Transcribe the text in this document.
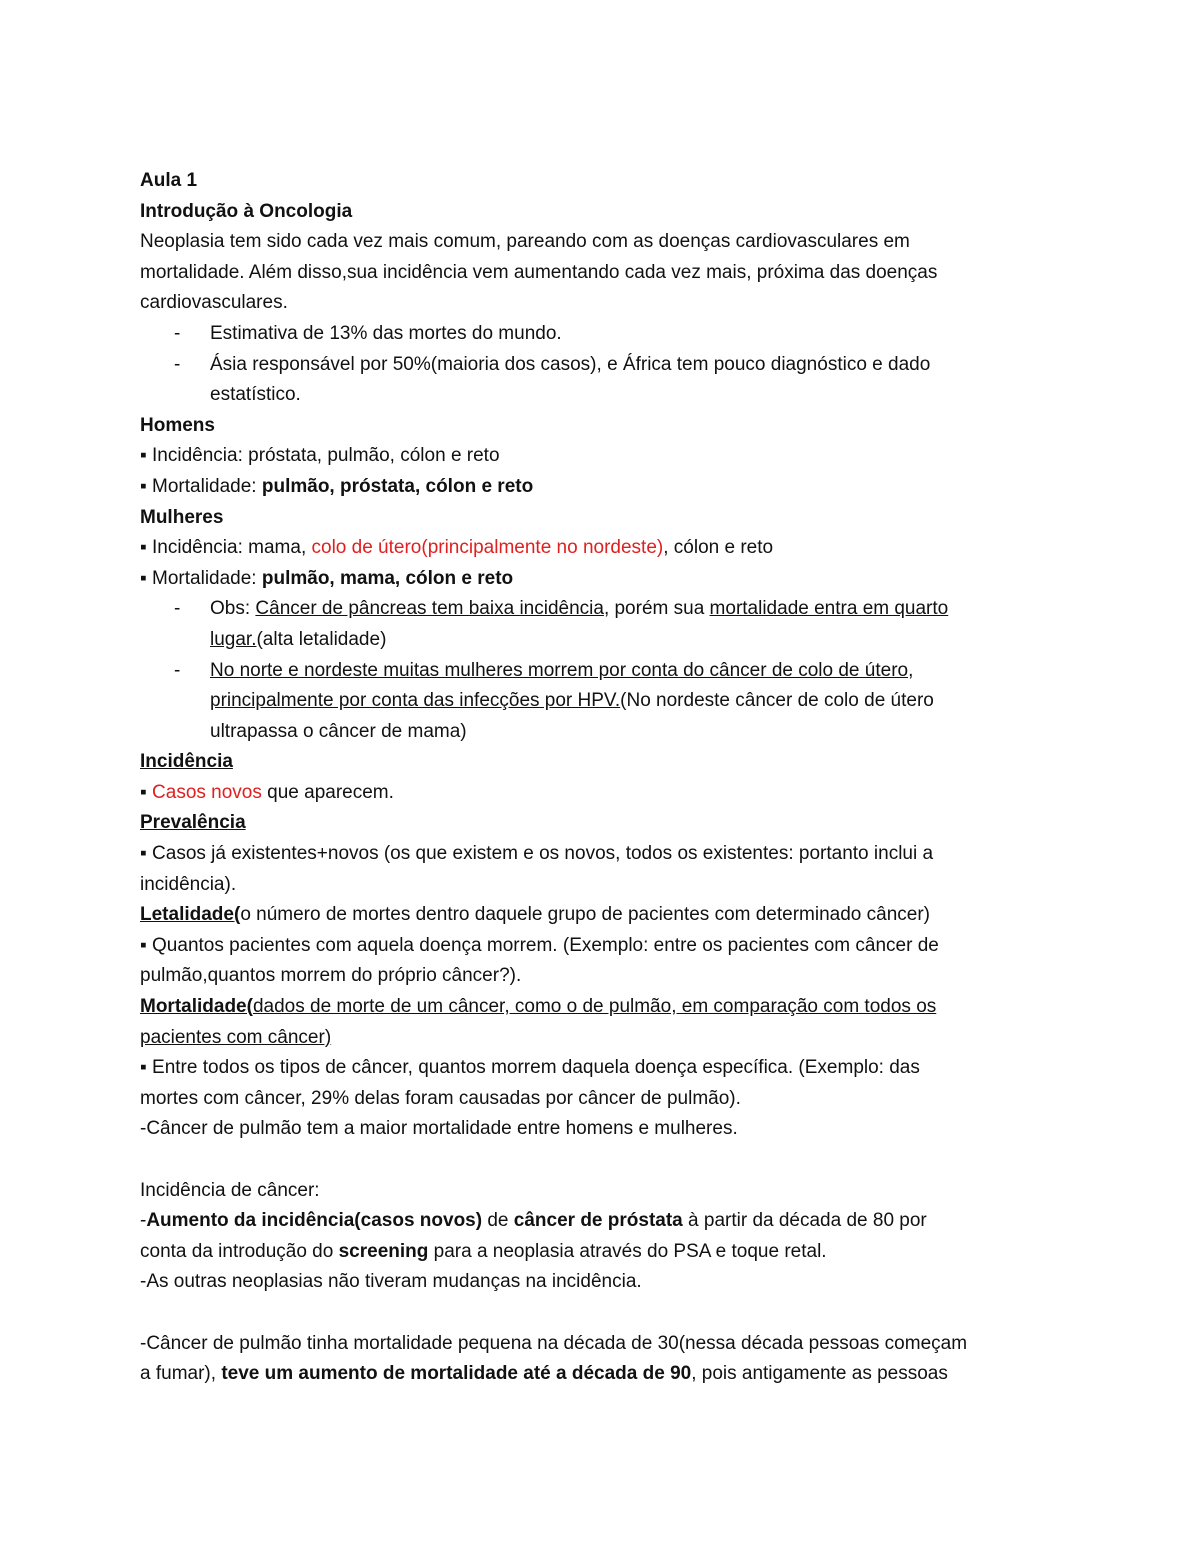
Aula 1
Introdução à Oncologia
Neoplasia tem sido cada vez mais comum, pareando com as doenças cardiovasculares em
mortalidade. Além disso,sua incidência vem aumentando cada vez mais, próxima das doenças
cardiovasculares.
- Estimativa de 13% das mortes do mundo.
- Ásia responsável por 50%(maioria dos casos), e África tem pouco diagnóstico e dado
estatístico.
Homens
▪ Incidência: próstata, pulmão, cólon e reto
▪ Mortalidade: pulmão, próstata, cólon e reto
Mulheres
▪ Incidência: mama, colo de útero(principalmente no nordeste), cólon e reto
▪ Mortalidade: pulmão, mama, cólon e reto
- Obs: Câncer de pâncreas tem baixa incidência, porém sua mortalidade entra em quarto
lugar.(alta letalidade)
- No norte e nordeste muitas mulheres morrem por conta do câncer de colo de útero,
principalmente por conta das infecções por HPV.(No nordeste câncer de colo de útero
ultrapassa o câncer de mama)
Incidência
▪ Casos novos que aparecem.
Prevalência
▪ Casos já existentes+novos (os que existem e os novos, todos os existentes: portanto inclui a
incidência).
Letalidade(o número de mortes dentro daquele grupo de pacientes com determinado câncer)
▪ Quantos pacientes com aquela doença morrem. (Exemplo: entre os pacientes com câncer de
pulmão,quantos morrem do próprio câncer?).
Mortalidade(dados de morte de um câncer, como o de pulmão, em comparação com todos os
pacientes com câncer)
▪ Entre todos os tipos de câncer, quantos morrem daquela doença específica. (Exemplo: das
mortes com câncer, 29% delas foram causadas por câncer de pulmão).
-Câncer de pulmão tem a maior mortalidade entre homens e mulheres.
Incidência de câncer:
-Aumento da incidência(casos novos) de câncer de próstata à partir da década de 80 por
conta da introdução do screening para a neoplasia através do PSA e toque retal.
-As outras neoplasias não tiveram mudanças na incidência.
-Câncer de pulmão tinha mortalidade pequena na década de 30(nessa década pessoas começam
a fumar), teve um aumento de mortalidade até a década de 90, pois antigamente as pessoas
